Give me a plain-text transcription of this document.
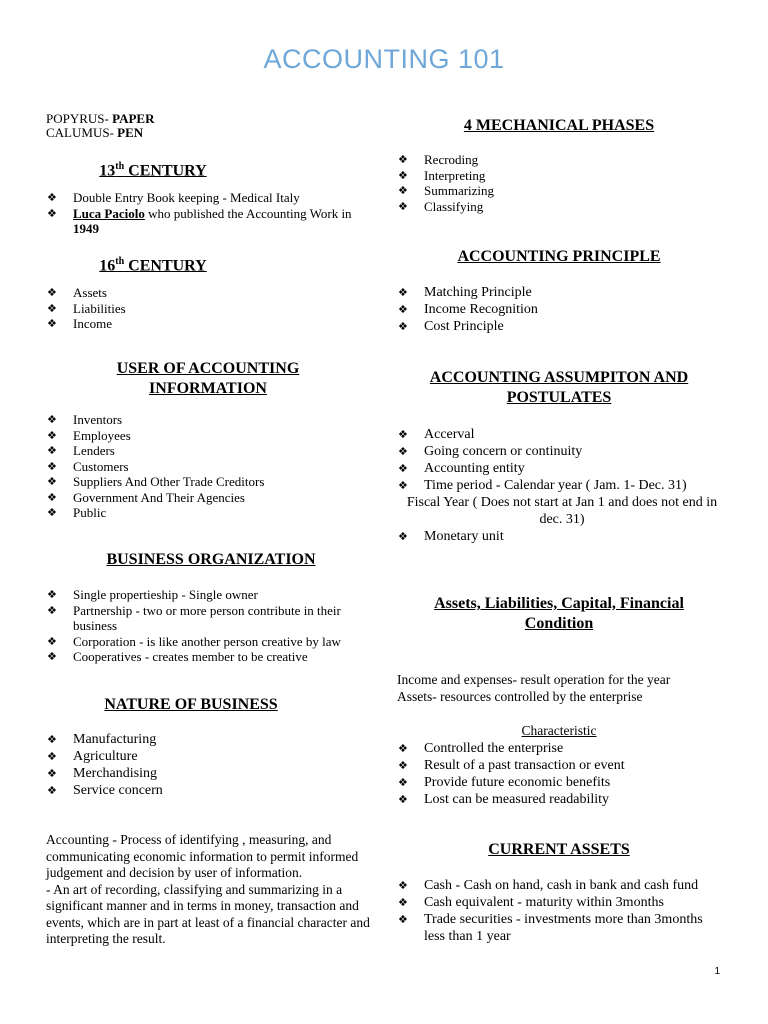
ACCOUNTING 101
POPYRUS- PAPER
CALUMUS- PEN
13th CENTURY
❖ Double Entry Book keeping - Medical Italy
❖ Luca Paciolo who published the Accounting Work in 1949
16th CENTURY
❖ Assets
❖ Liabilities
❖ Income
USER OF ACCOUNTING
INFORMATION
❖ Inventors
❖ Employees
❖ Lenders
❖ Customers
❖ Suppliers And Other Trade Creditors
❖ Government And Their Agencies
❖ Public
BUSINESS ORGANIZATION
❖ Single propertieship - Single owner
❖ Partnership - two or more person contribute in their business
❖ Corporation - is like another person creative by law
❖ Cooperatives - creates member to be creative
NATURE OF BUSINESS
❖ Manufacturing
❖ Agriculture
❖ Merchandising
❖ Service concern
Accounting - Process of identifying , measuring, and communicating economic information to permit informed judgement and decision by user of information.
- An art of recording, classifying and summarizing in a significant manner and in terms in money, transaction and events, which are in part at least of a financial character and interpreting the result.
4 MECHANICAL PHASES
❖ Recroding
❖ Interpreting
❖ Summarizing
❖ Classifying
ACCOUNTING PRINCIPLE
❖ Matching Principle
❖ Income Recognition
❖ Cost Principle
ACCOUNTING ASSUMPITON AND
POSTULATES
❖ Accerval
❖ Going concern or continuity
❖ Accounting entity
❖ Time period - Calendar year ( Jam. 1- Dec. 31)
Fiscal Year ( Does not start at Jan 1 and does not end in dec. 31)
❖ Monetary unit
Assets, Liabilities, Capital, Financial
Condition
Income and expenses- result operation for the year
Assets- resources controlled by the enterprise
Characteristic
❖ Controlled the enterprise
❖ Result of a past transaction or event
❖ Provide future economic benefits
❖ Lost can be measured readability
CURRENT ASSETS
❖ Cash - Cash on hand, cash in bank and cash fund
❖ Cash equivalent - maturity within 3months
❖ Trade securities - investments more than 3months less than 1 year
1
